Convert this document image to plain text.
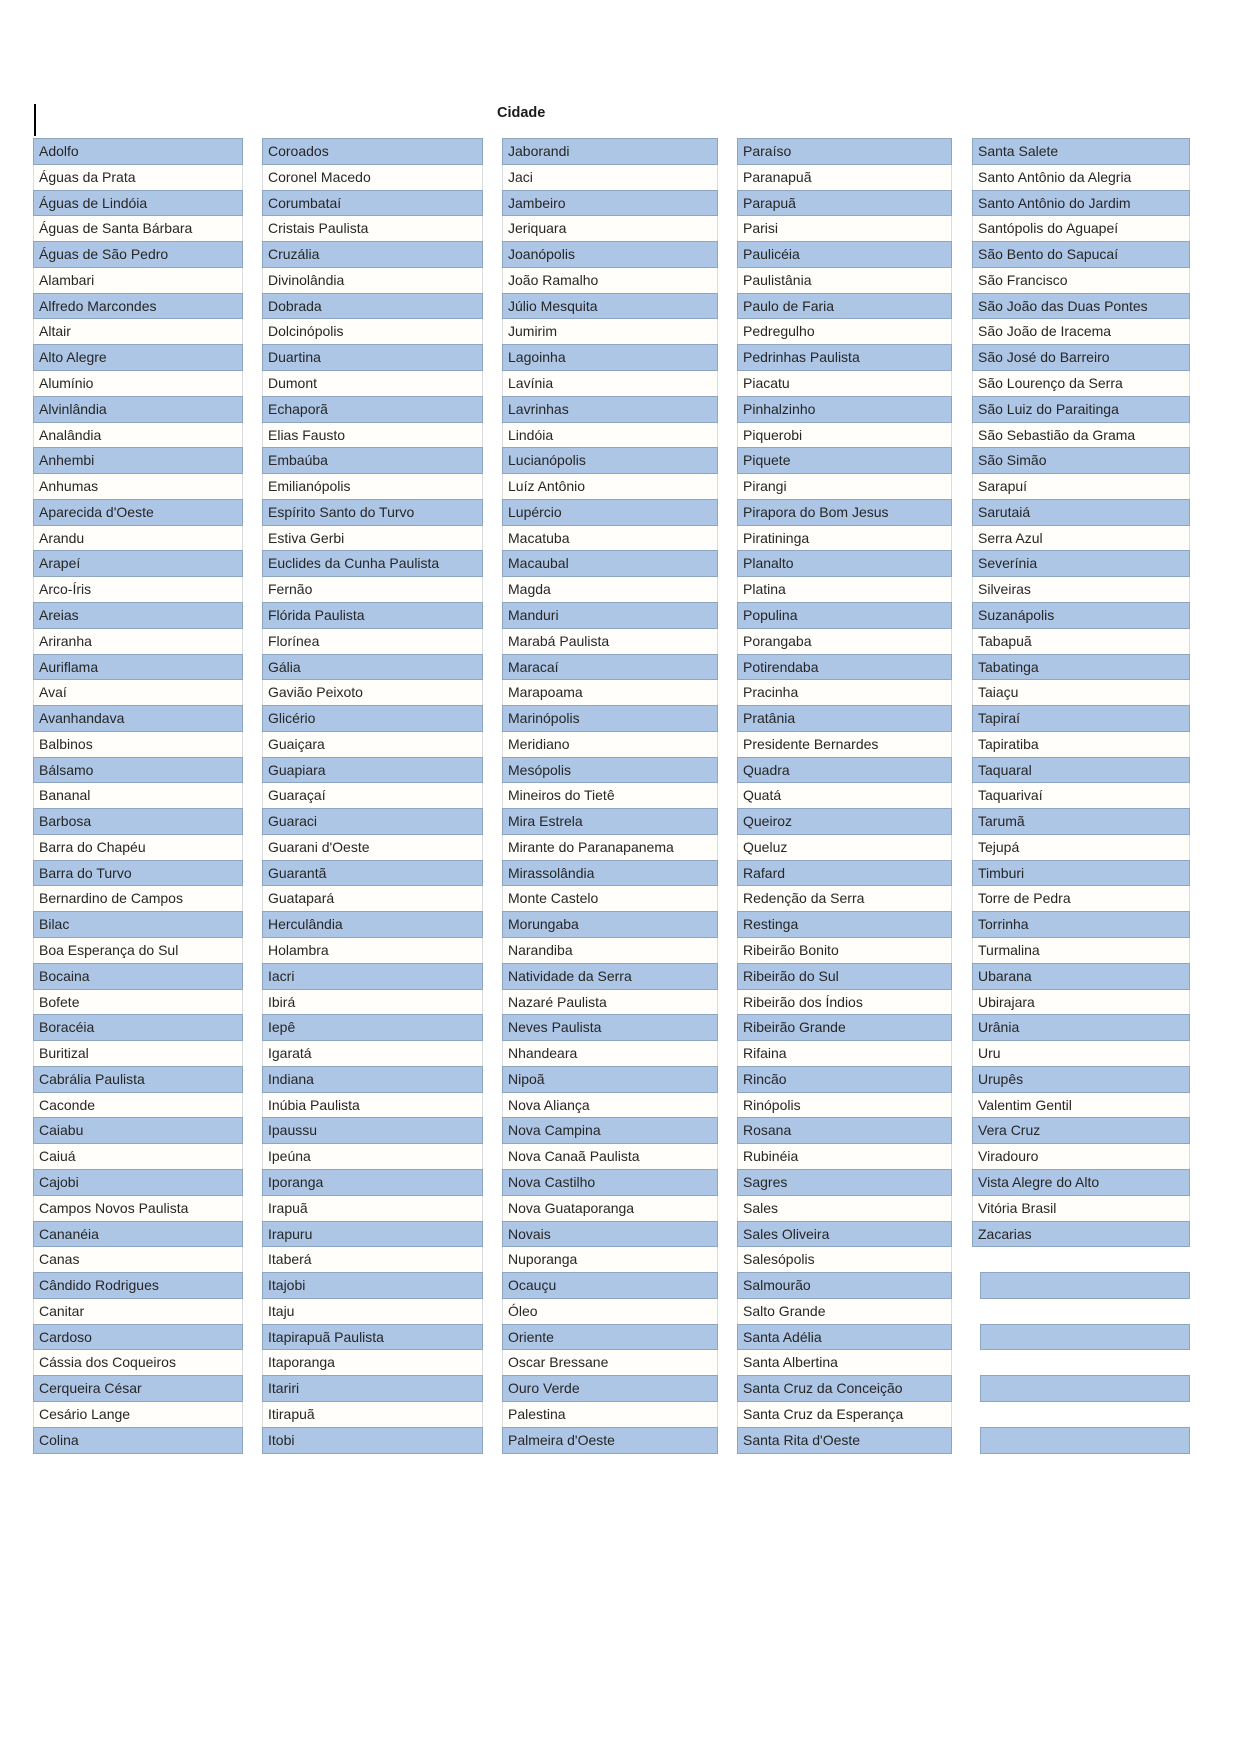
Cidade
Adolfo
Águas da Prata
Águas de Lindóia
Águas de Santa Bárbara
Águas de São Pedro
Alambari
Alfredo Marcondes
Altair
Alto Alegre
Alumínio
Alvinlândia
Analândia
Anhembi
Anhumas
Aparecida d'Oeste
Arandu
Arapeí
Arco-Íris
Areias
Ariranha
Auriflama
Avaí
Avanhandava
Balbinos
Bálsamo
Bananal
Barbosa
Barra do Chapéu
Barra do Turvo
Bernardino de Campos
Bilac
Boa Esperança do Sul
Bocaina
Bofete
Boracéia
Buritizal
Cabrália Paulista
Caconde
Caiabu
Caiuá
Cajobi
Campos Novos Paulista
Cananéia
Canas
Cândido Rodrigues
Canitar
Cardoso
Cássia dos Coqueiros
Cerqueira César
Cesário Lange
Colina
Coroados
Coronel Macedo
Corumbataí
Cristais Paulista
Cruzália
Divinolândia
Dobrada
Dolcinópolis
Duartina
Dumont
Echaporã
Elias Fausto
Embaúba
Emilianópolis
Espírito Santo do Turvo
Estiva Gerbi
Euclides da Cunha Paulista
Fernão
Flórida Paulista
Florínea
Gália
Gavião Peixoto
Glicério
Guaiçara
Guapiara
Guaraçaí
Guaraci
Guarani d'Oeste
Guarantã
Guatapará
Herculândia
Holambra
Iacri
Ibirá
Iepê
Igaratá
Indiana
Inúbia Paulista
Ipaussu
Ipeúna
Iporanga
Irapuã
Irapuru
Itaberá
Itajobi
Itaju
Itapirapuã Paulista
Itaporanga
Itariri
Itirapuã
Itobi
Jaborandi
Jaci
Jambeiro
Jeriquara
Joanópolis
João Ramalho
Júlio Mesquita
Jumirim
Lagoinha
Lavínia
Lavrinhas
Lindóia
Lucianópolis
Luíz Antônio
Lupércio
Macatuba
Macaubal
Magda
Manduri
Marabá Paulista
Maracaí
Marapoama
Marinópolis
Meridiano
Mesópolis
Mineiros do Tietê
Mira Estrela
Mirante do Paranapanema
Mirassolândia
Monte Castelo
Morungaba
Narandiba
Natividade da Serra
Nazaré Paulista
Neves Paulista
Nhandeara
Nipoã
Nova Aliança
Nova Campina
Nova Canaã Paulista
Nova Castilho
Nova Guataporanga
Novais
Nuporanga
Ocauçu
Óleo
Oriente
Oscar Bressane
Ouro Verde
Palestina
Palmeira d'Oeste
Paraíso
Paranapuã
Parapuã
Parisi
Paulicéia
Paulistânia
Paulo de Faria
Pedregulho
Pedrinhas Paulista
Piacatu
Pinhalzinho
Piquerobi
Piquete
Pirangi
Pirapora do Bom Jesus
Piratininga
Planalto
Platina
Populina
Porangaba
Potirendaba
Pracinha
Pratânia
Presidente Bernardes
Quadra
Quatá
Queiroz
Queluz
Rafard
Redenção da Serra
Restinga
Ribeirão Bonito
Ribeirão do Sul
Ribeirão dos Índios
Ribeirão Grande
Rifaina
Rincão
Rinópolis
Rosana
Rubinéia
Sagres
Sales
Sales Oliveira
Salesópolis
Salmourão
Salto Grande
Santa Adélia
Santa Albertina
Santa Cruz da Conceição
Santa Cruz da Esperança
Santa Rita d'Oeste
Santa Salete
Santo Antônio da Alegria
Santo Antônio do Jardim
Santópolis do Aguapeí
São Bento do Sapucaí
São Francisco
São João das Duas Pontes
São João de Iracema
São José do Barreiro
São Lourenço da Serra
São Luiz do Paraitinga
São Sebastião da Grama
São Simão
Sarapuí
Sarutaiá
Serra Azul
Severínia
Silveiras
Suzanápolis
Tabapuã
Tabatinga
Taiaçu
Tapiraí
Tapiratiba
Taquaral
Taquarivaí
Tarumã
Tejupá
Timburi
Torre de Pedra
Torrinha
Turmalina
Ubarana
Ubirajara
Urânia
Uru
Urupês
Valentim Gentil
Vera Cruz
Viradouro
Vista Alegre do Alto
Vitória Brasil
Zacarias
